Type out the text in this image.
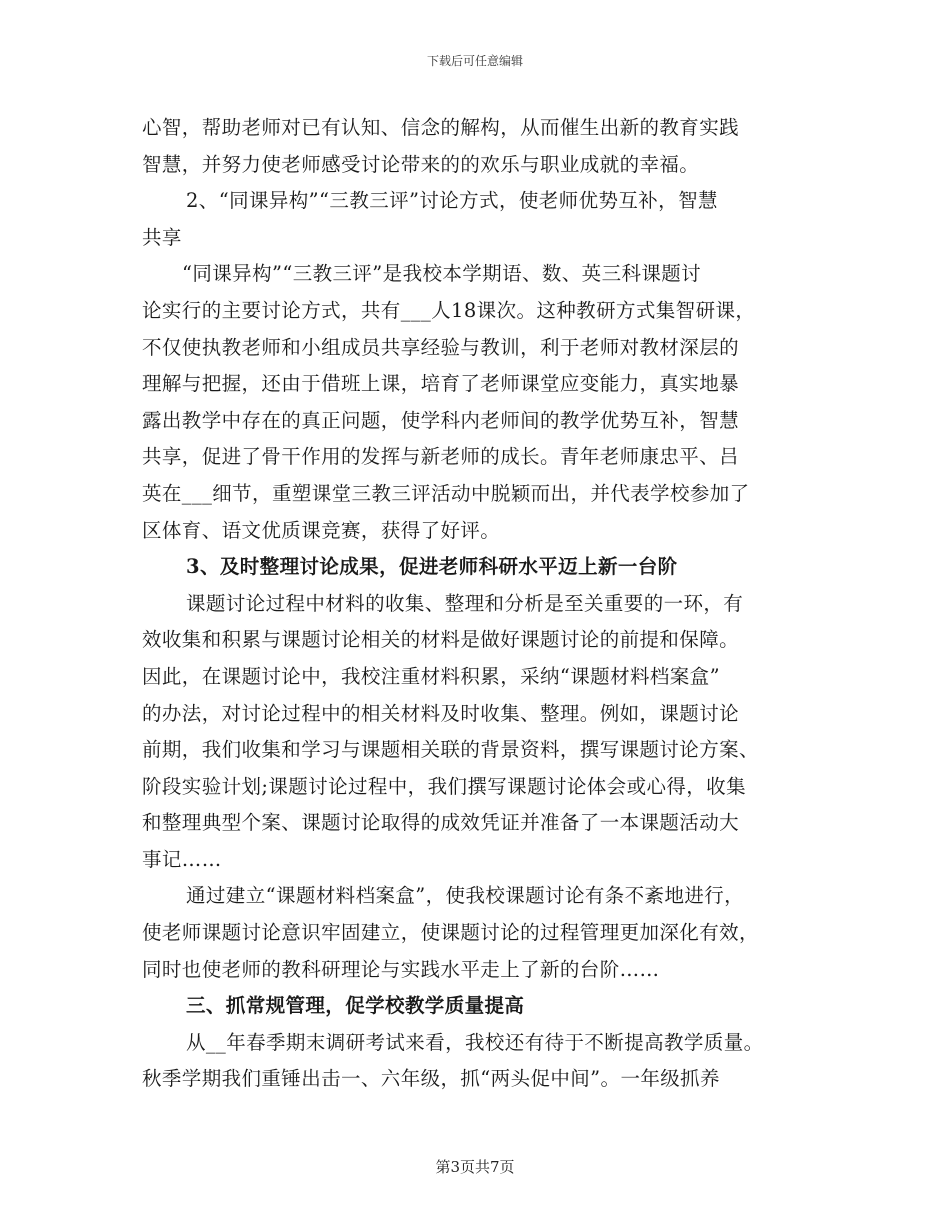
下载后可任意编辑
心智，帮助老师对已有认知、信念的解构，从而催生出新的教育实践
智慧，并努力使老师感受讨论带来的的欢乐与职业成就的幸福。
2、“同课异构”“三教三评”讨论方式，使老师优势互补，智慧
共享
“同课异构”“三教三评”是我校本学期语、数、英三科课题讨
论实行的主要讨论方式，共有___人18课次。这种教研方式集智研课，
不仅使执教老师和小组成员共享经验与教训，利于老师对教材深层的
理解与把握，还由于借班上课，培育了老师课堂应变能力，真实地暴
露出教学中存在的真正问题，使学科内老师间的教学优势互补，智慧
共享，促进了骨干作用的发挥与新老师的成长。青年老师康忠平、吕
英在___细节，重塑课堂三教三评活动中脱颖而出，并代表学校参加了
区体育、语文优质课竞赛，获得了好评。
3、及时整理讨论成果，促进老师科研水平迈上新一台阶
课题讨论过程中材料的收集、整理和分析是至关重要的一环，有
效收集和积累与课题讨论相关的材料是做好课题讨论的前提和保障。
因此，在课题讨论中，我校注重材料积累，采纳“课题材料档案盒”
的办法，对讨论过程中的相关材料及时收集、整理。例如，课题讨论
前期，我们收集和学习与课题相关联的背景资料，撰写课题讨论方案、
阶段实验计划;课题讨论过程中，我们撰写课题讨论体会或心得，收集
和整理典型个案、课题讨论取得的成效凭证并准备了一本课题活动大
事记……
通过建立“课题材料档案盒”，使我校课题讨论有条不紊地进行，
使老师课题讨论意识牢固建立，使课题讨论的过程管理更加深化有效，
同时也使老师的教科研理论与实践水平走上了新的台阶……
三、抓常规管理，促学校教学质量提高
从__年春季期末调研考试来看，我校还有待于不断提高教学质量。
秋季学期我们重锤出击一、六年级，抓“两头促中间”。一年级抓养
第3页共7页
